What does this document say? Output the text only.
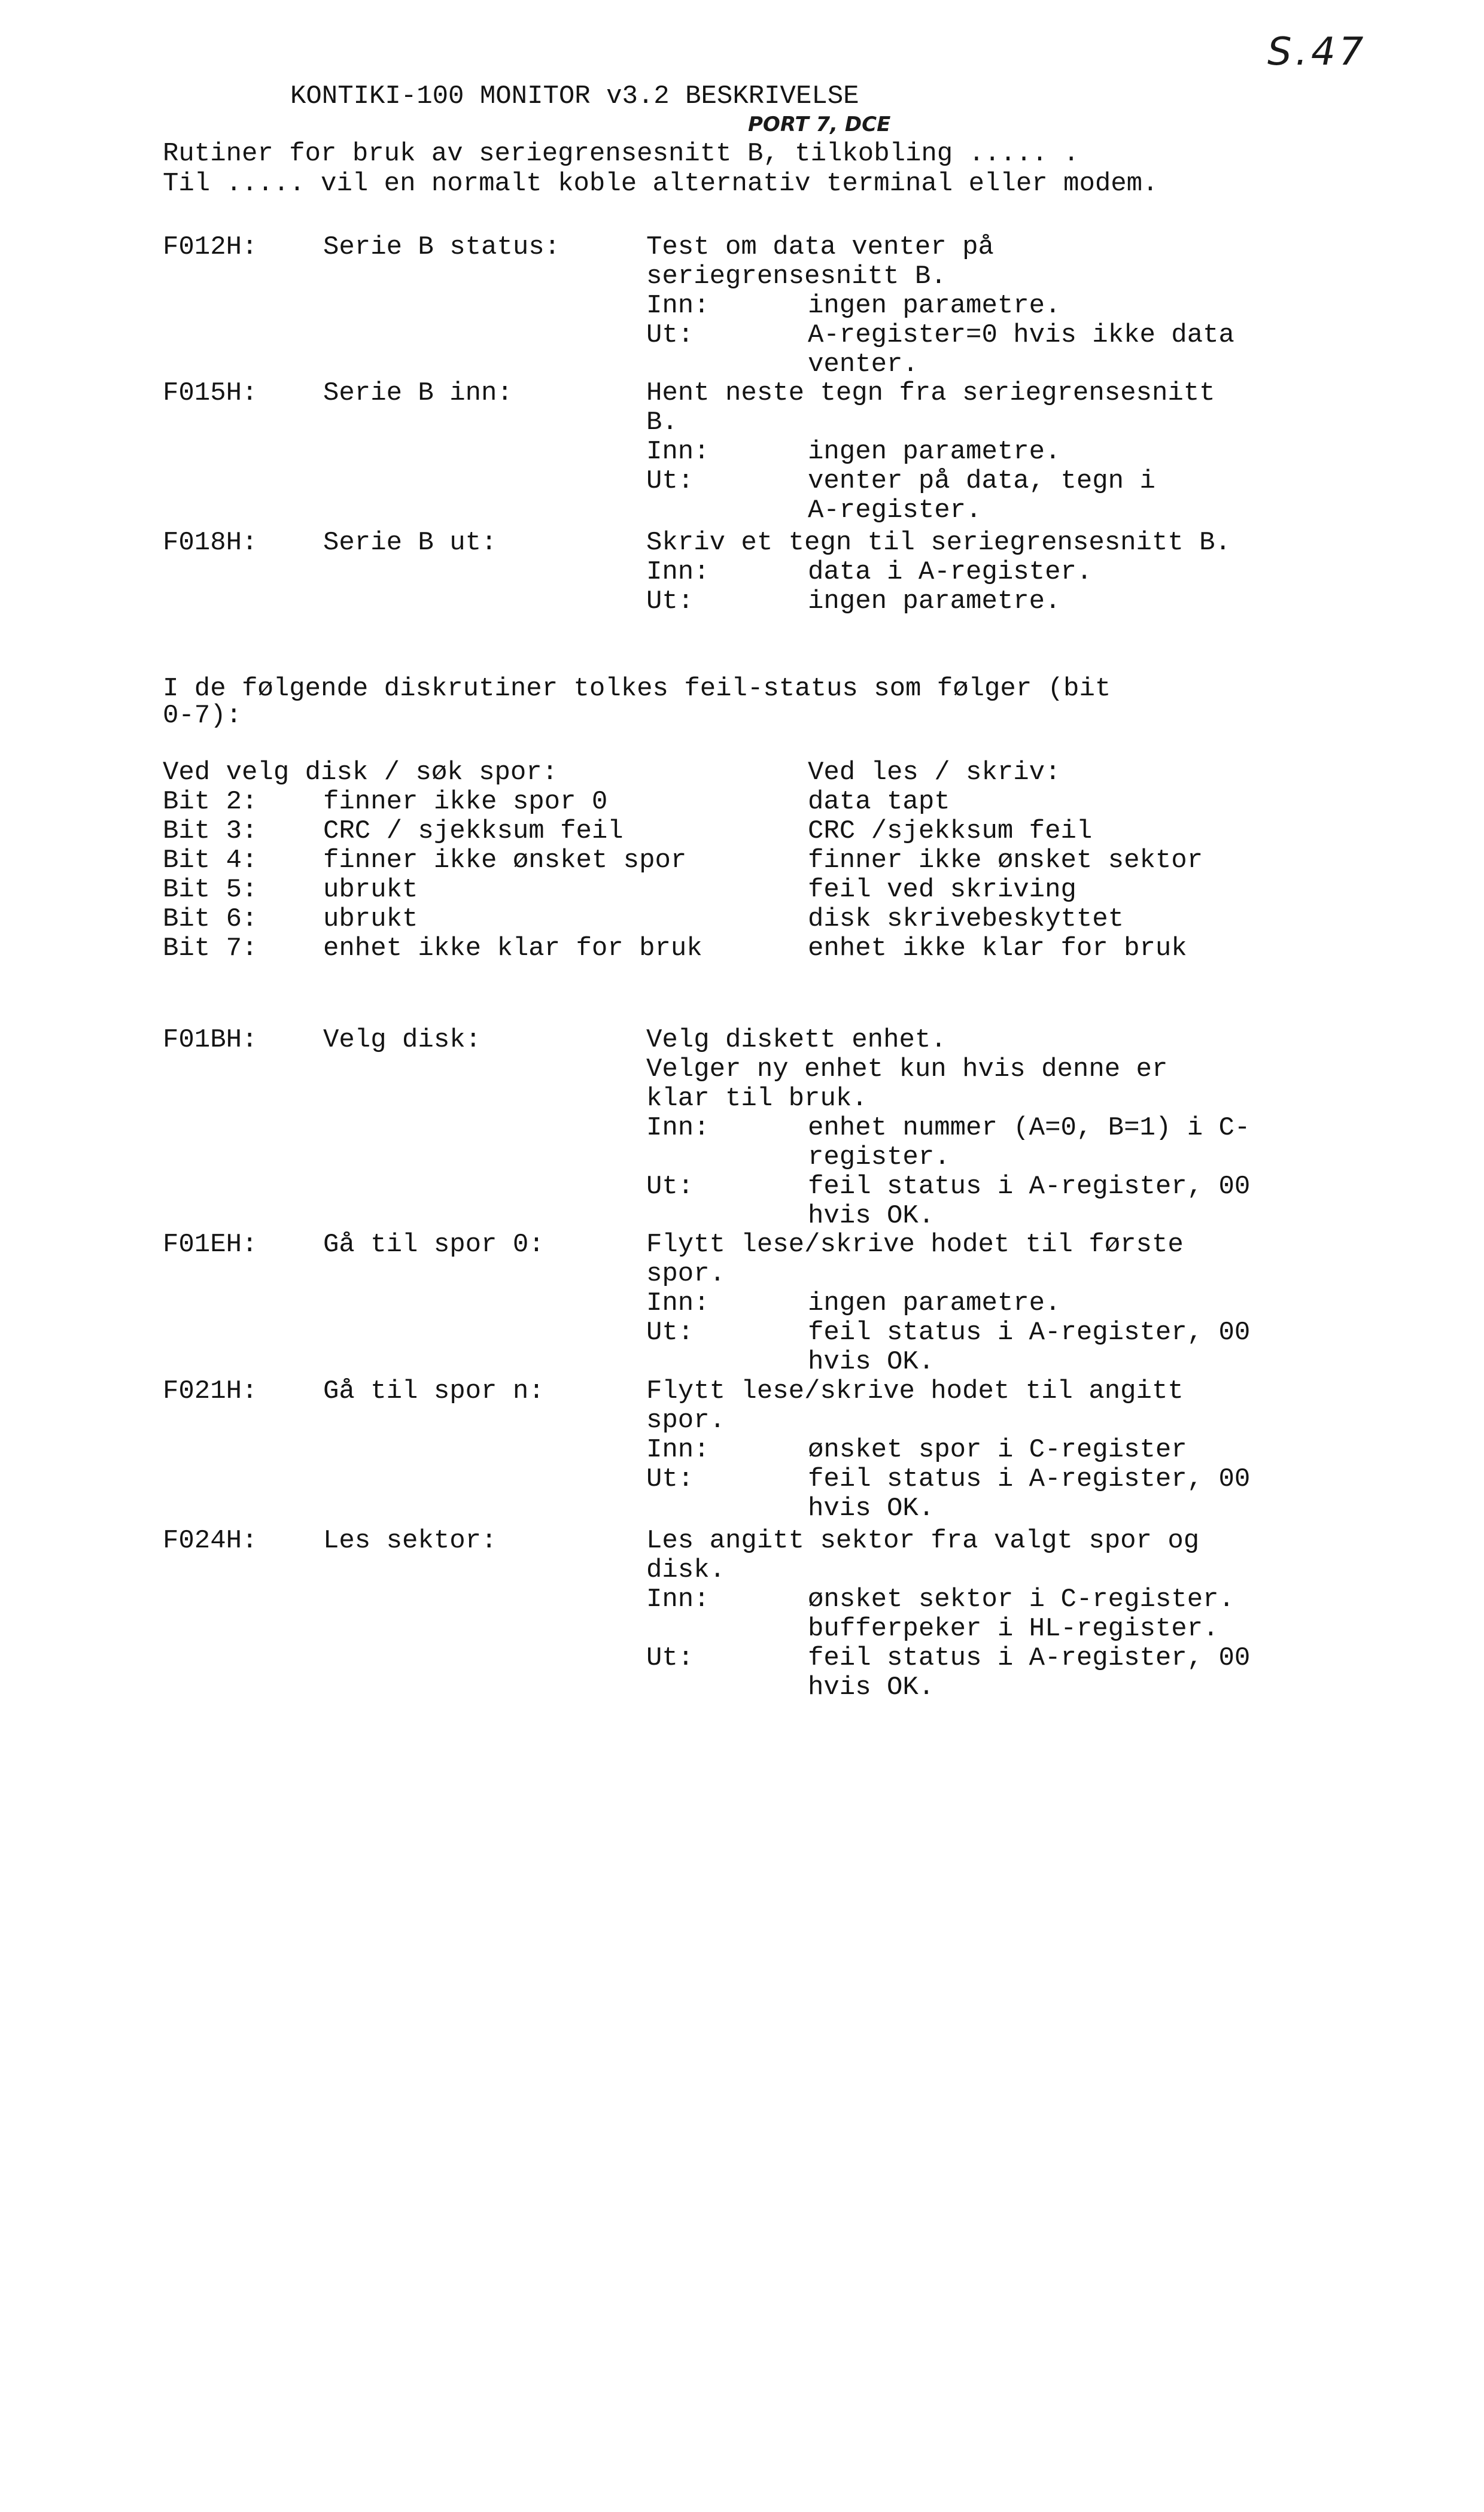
S.47
PORT 7, DCE
KONTIKI-100 MONITOR v3.2 BESKRIVELSE
Rutiner for bruk av seriegrensesnitt B, tilkobling ..... .
Til ..... vil en normalt koble alternativ terminal eller modem.
F012H: Serie B status:	Test om data venter på
seriegrensesnitt B.
Inn:	ingen parametre.
Ut:	A-register=0 hvis ikke data
venter.
F015H: Serie B inn:	Hent neste tegn fra seriegrensesnitt
B.
Inn:	ingen parametre.
Ut:	venter på data, tegn i
A-register.
F018H: Serie B ut:	Skriv et tegn til seriegrensesnitt B.
Inn:	data i A-register.
Ut:	ingen parametre.
I de følgende diskrutiner tolkes feil-status som følger (bit
0-7):
Ved velg disk / søk spor:	Ved les / skriv:
Bit 2: finner ikke spor 0	data tapt
Bit 3: CRC / sjekksum feil	CRC /sjekksum feil
Bit 4: finner ikke ønsket spor	finner ikke ønsket sektor
Bit 5: ubrukt	feil ved skriving
Bit 6: ubrukt	disk skrivebeskyttet
Bit 7: enhet ikke klar for bruk	enhet ikke klar for bruk
F01BH: Velg disk:	Velg diskett enhet.
Velger ny enhet kun hvis denne er
klar til bruk.
Inn:	enhet nummer (A=0, B=1) i C-
register.
Ut:	feil status i A-register, 00
hvis OK.
F01EH: Gå til spor 0:	Flytt lese/skrive hodet til første
spor.
Inn:	ingen parametre.
Ut:	feil status i A-register, 00
hvis OK.
F021H: Gå til spor n:	Flytt lese/skrive hodet til angitt
spor.
Inn:	ønsket spor i C-register
Ut:	feil status i A-register, 00
hvis OK.
F024H: Les sektor:	Les angitt sektor fra valgt spor og
disk.
Inn:	ønsket sektor i C-register.
bufferpeker i HL-register.
Ut:	feil status i A-register, 00
hvis OK.
